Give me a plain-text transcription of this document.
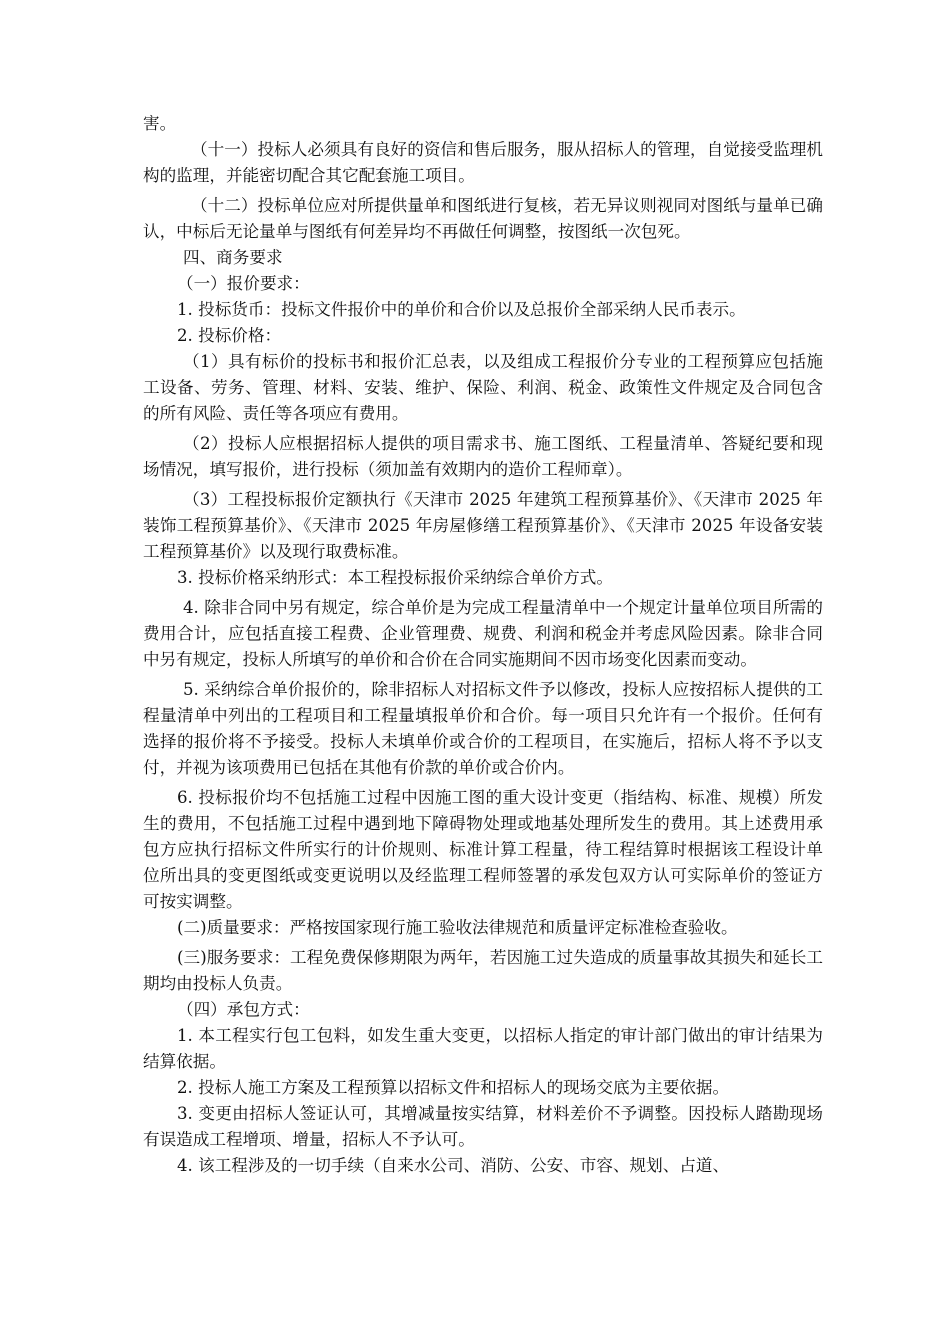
害。

（十一）投标人必须具有良好的资信和售后服务，服从招标人的管理，自觉接受监理机构的监理，并能密切配合其它配套施工项目。

（十二）投标单位应对所提供量单和图纸进行复核，若无异议则视同对图纸与量单已确认，中标后无论量单与图纸有何差异均不再做任何调整，按图纸一次包死。

四、商务要求

（一）报价要求：

1. 投标货币：投标文件报价中的单价和合价以及总报价全部采纳人民币表示。

2. 投标价格：

（1）具有标价的投标书和报价汇总表，以及组成工程报价分专业的工程预算应包括施工设备、劳务、管理、材料、安装、维护、保险、利润、税金、政策性文件规定及合同包含的所有风险、责任等各项应有费用。

（2）投标人应根据招标人提供的项目需求书、施工图纸、工程量清单、答疑纪要和现场情况，填写报价，进行投标（须加盖有效期内的造价工程师章）。

（3）工程投标报价定额执行《天津市 2025 年建筑工程预算基价》、《天津市 2025 年装饰工程预算基价》、《天津市 2025 年房屋修缮工程预算基价》、《天津市 2025 年设备安装工程预算基价》以及现行取费标准。

3. 投标价格采纳形式：本工程投标报价采纳综合单价方式。

4. 除非合同中另有规定，综合单价是为完成工程量清单中一个规定计量单位项目所需的费用合计，应包括直接工程费、企业管理费、规费、利润和税金并考虑风险因素。除非合同中另有规定，投标人所填写的单价和合价在合同实施期间不因市场变化因素而变动。

5. 采纳综合单价报价的，除非招标人对招标文件予以修改，投标人应按招标人提供的工程量清单中列出的工程项目和工程量填报单价和合价。每一项目只允许有一个报价。任何有选择的报价将不予接受。投标人未填单价或合价的工程项目，在实施后，招标人将不予以支付，并视为该项费用已包括在其他有价款的单价或合价内。

6. 投标报价均不包括施工过程中因施工图的重大设计变更（指结构、标准、规模）所发生的费用，不包括施工过程中遇到地下障碍物处理或地基处理所发生的费用。其上述费用承包方应执行招标文件所实行的计价规则、标准计算工程量，待工程结算时根据该工程设计单位所出具的变更图纸或变更说明以及经监理工程师签署的承发包双方认可实际单价的签证方可按实调整。

(二)质量要求：严格按国家现行施工验收法律规范和质量评定标准检查验收。

(三)服务要求：工程免费保修期限为两年，若因施工过失造成的质量事故其损失和延长工期均由投标人负责。

（四）承包方式：

1. 本工程实行包工包料，如发生重大变更，以招标人指定的审计部门做出的审计结果为结算依据。

2. 投标人施工方案及工程预算以招标文件和招标人的现场交底为主要依据。

3. 变更由招标人签证认可，其增减量按实结算，材料差价不予调整。因投标人踏勘现场有误造成工程增项、增量，招标人不予认可。

4. 该工程涉及的一切手续（自来水公司、消防、公安、市容、规划、占道、
